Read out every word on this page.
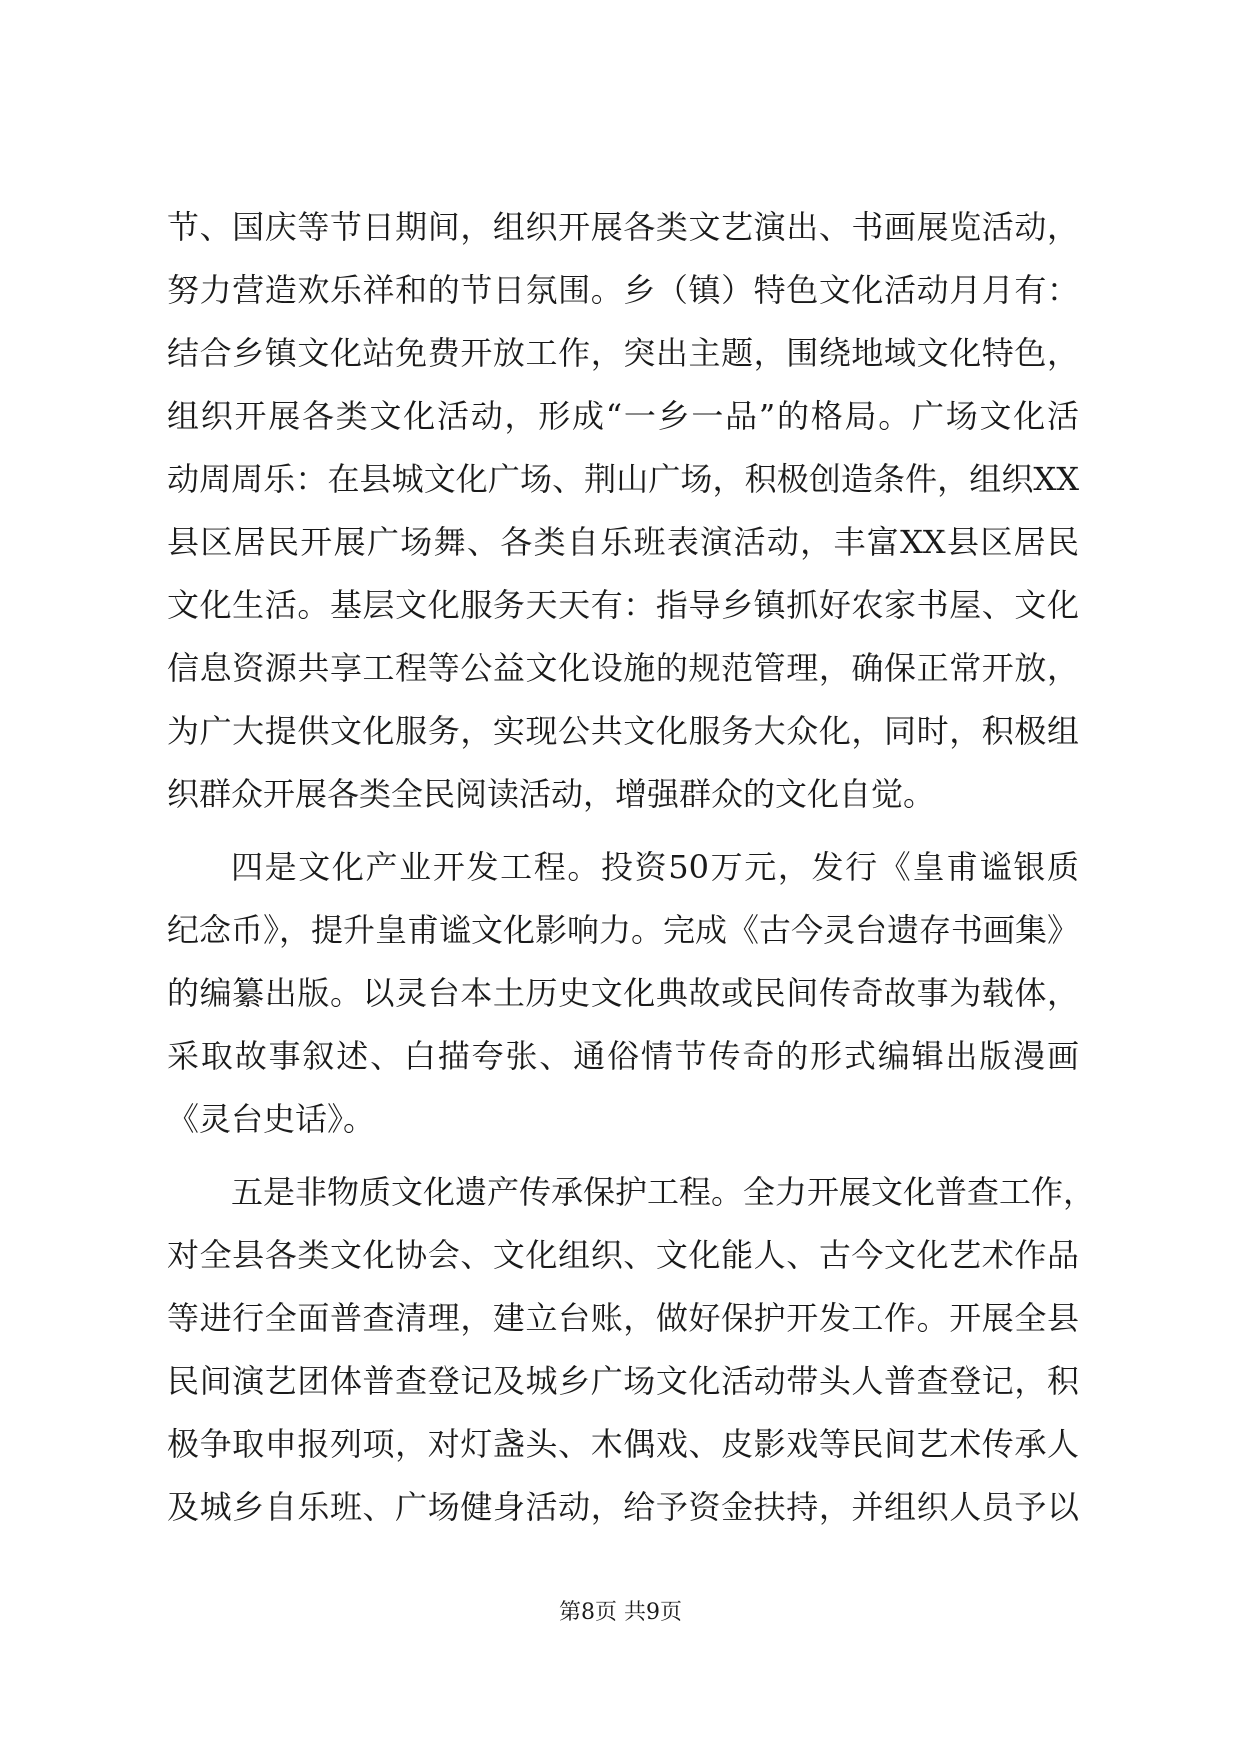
节、国庆等节日期间，组织开展各类文艺演出、书画展览活动，
努力营造欢乐祥和的节日氛围。乡（镇）特色文化活动月月有：
结合乡镇文化站免费开放工作，突出主题，围绕地域文化特色，
组织开展各类文化活动，形成“一乡一品”的格局。广场文化活
动周周乐：在县城文化广场、荆山广场，积极创造条件，组织XX
县区居民开展广场舞、各类自乐班表演活动，丰富XX县区居民
文化生活。基层文化服务天天有：指导乡镇抓好农家书屋、文化
信息资源共享工程等公益文化设施的规范管理，确保正常开放，
为广大提供文化服务，实现公共文化服务大众化，同时，积极组
织群众开展各类全民阅读活动，增强群众的文化自觉。
四是文化产业开发工程。投资50万元，发行《皇甫谧银质
纪念币》，提升皇甫谧文化影响力。完成《古今灵台遗存书画集》
的编纂出版。以灵台本土历史文化典故或民间传奇故事为载体，
采取故事叙述、白描夸张、通俗情节传奇的形式编辑出版漫画
《灵台史话》。
五是非物质文化遗产传承保护工程。全力开展文化普查工作，
对全县各类文化协会、文化组织、文化能人、古今文化艺术作品
等进行全面普查清理，建立台账，做好保护开发工作。开展全县
民间演艺团体普查登记及城乡广场文化活动带头人普查登记，积
极争取申报列项，对灯盏头、木偶戏、皮影戏等民间艺术传承人
及城乡自乐班、广场健身活动，给予资金扶持，并组织人员予以
第8页 共9页
